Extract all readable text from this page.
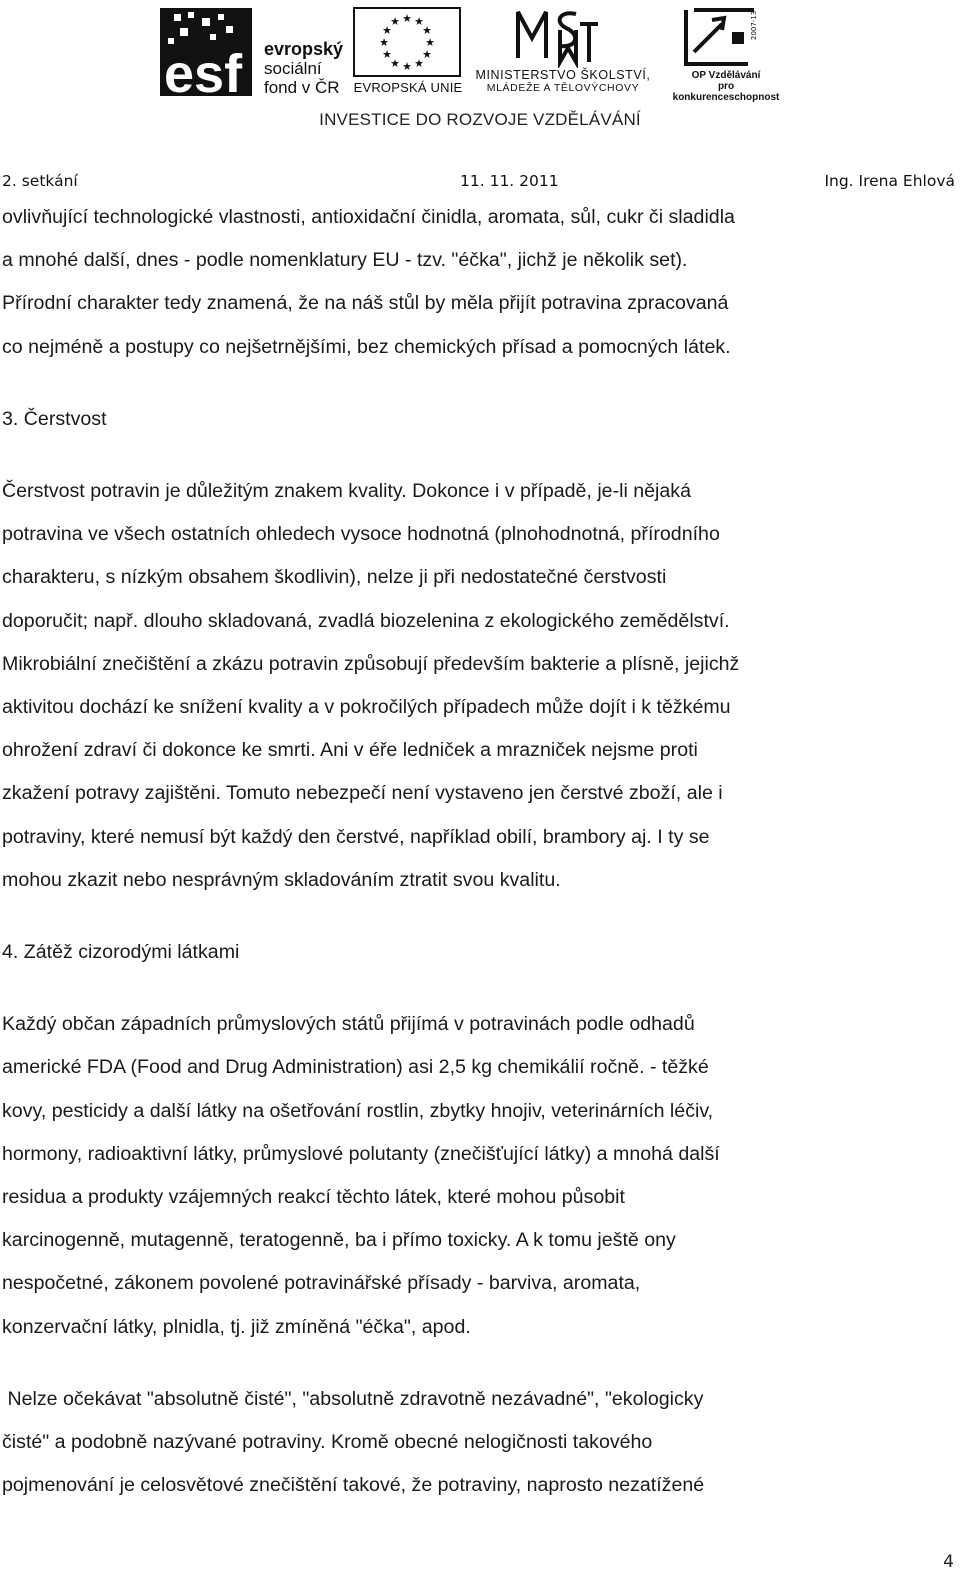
esf evropský
sociální
fond v ČR
★ ★
★
★
★
★
★
★
★
★
★
★
EVROPSKÁ UNIE
MINISTERSTVO ŠKOLSTVÍ,
MLÁDEŽE A TĚLOVÝCHOVY
2007-13
OP Vzdělávání
pro konkurenceschopnost
INVESTICE DO ROZVOJE VZDĚLÁVÁNÍ
2. setkání	11. 11. 2011	Ing. Irena Ehlová

ovlivňující technologické vlastnosti, antioxidační činidla, aromata, sůl, cukr či sladidla

a mnohé další, dnes - podle nomenklatury EU - tzv. "éčka", jichž je několik set).

Přírodní charakter tedy znamená, že na náš stůl by měla přijít potravina zpracovaná

co nejméně a postupy co nejšetrnějšími, bez chemických přísad a pomocných látek.

3. Čerstvost

Čerstvost potravin je důležitým znakem kvality. Dokonce i v případě, je-li nějaká

potravina ve všech ostatních ohledech vysoce hodnotná (plnohodnotná, přírodního

charakteru, s nízkým obsahem škodlivin), nelze ji při nedostatečné čerstvosti

doporučit; např. dlouho skladovaná, zvadlá biozelenina z ekologického zemědělství.

Mikrobiální znečištění a zkázu potravin způsobují především bakterie a plísně, jejichž

aktivitou dochází ke snížení kvality a v pokročilých případech může dojít i k těžkému

ohrožení zdraví či dokonce ke smrti. Ani v éře ledniček a mrazniček nejsme proti

zkažení potravy zajištěni. Tomuto nebezpečí není vystaveno jen čerstvé zboží, ale i

potraviny, které nemusí být každý den čerstvé, například obilí, brambory aj. I ty se

mohou zkazit nebo nesprávným skladováním ztratit svou kvalitu.

4. Zátěž cizorodými látkami

Každý občan západních průmyslových států přijímá v potravinách podle odhadů

americké FDA (Food and Drug Administration) asi 2,5 kg chemikálií ročně. - těžké

kovy, pesticidy a další látky na ošetřování rostlin, zbytky hnojiv, veterinárních léčiv,

hormony, radioaktivní látky, průmyslové polutanty (znečišťující látky) a mnohá další

residua a produkty vzájemných reakcí těchto látek, které mohou působit

karcinogenně, mutagenně, teratogenně, ba i přímo toxicky. A k tomu ještě ony

nespočetné, zákonem povolené potravinářské přísady - barviva, aromata,

konzervační látky, plnidla, tj. již zmíněná "éčka", apod.

Nelze očekávat "absolutně čisté", "absolutně zdravotně nezávadné", "ekologicky

čisté" a podobně nazývané potraviny. Kromě obecné nelogičnosti takového

pojmenování je celosvětové znečištění takové, že potraviny, naprosto nezatížené

4
